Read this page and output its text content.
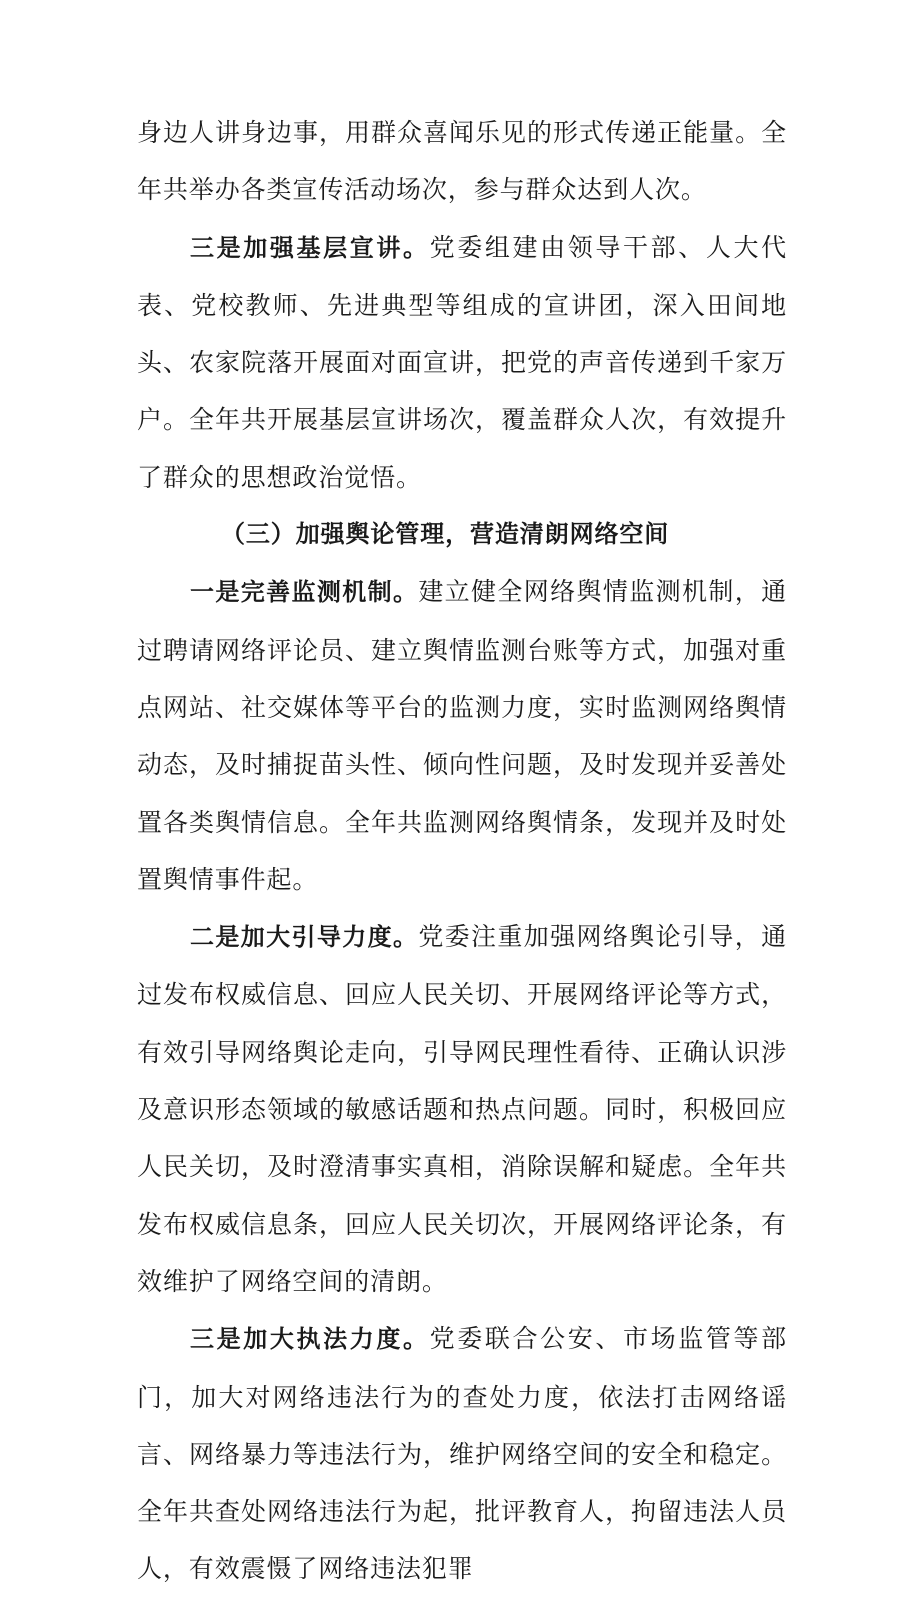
身边人讲身边事，用群众喜闻乐见的形式传递正能量。全年共举办各类宣传活动场次，参与群众达到人次。

三是加强基层宣讲。党委组建由领导干部、人大代表、党校教师、先进典型等组成的宣讲团，深入田间地头、农家院落开展面对面宣讲，把党的声音传递到千家万户。全年共开展基层宣讲场次，覆盖群众人次，有效提升了群众的思想政治觉悟。

（三）加强舆论管理，营造清朗网络空间

一是完善监测机制。建立健全网络舆情监测机制，通过聘请网络评论员、建立舆情监测台账等方式，加强对重点网站、社交媒体等平台的监测力度，实时监测网络舆情动态，及时捕捉苗头性、倾向性问题，及时发现并妥善处置各类舆情信息。全年共监测网络舆情条，发现并及时处置舆情事件起。

二是加大引导力度。党委注重加强网络舆论引导，通过发布权威信息、回应人民关切、开展网络评论等方式，有效引导网络舆论走向，引导网民理性看待、正确认识涉及意识形态领域的敏感话题和热点问题。同时，积极回应人民关切，及时澄清事实真相，消除误解和疑虑。全年共发布权威信息条，回应人民关切次，开展网络评论条，有效维护了网络空间的清朗。

三是加大执法力度。党委联合公安、市场监管等部门，加大对网络违法行为的查处力度，依法打击网络谣言、网络暴力等违法行为，维护网络空间的安全和稳定。全年共查处网络违法行为起，批评教育人，拘留违法人员人，有效震慑了网络违法犯罪
